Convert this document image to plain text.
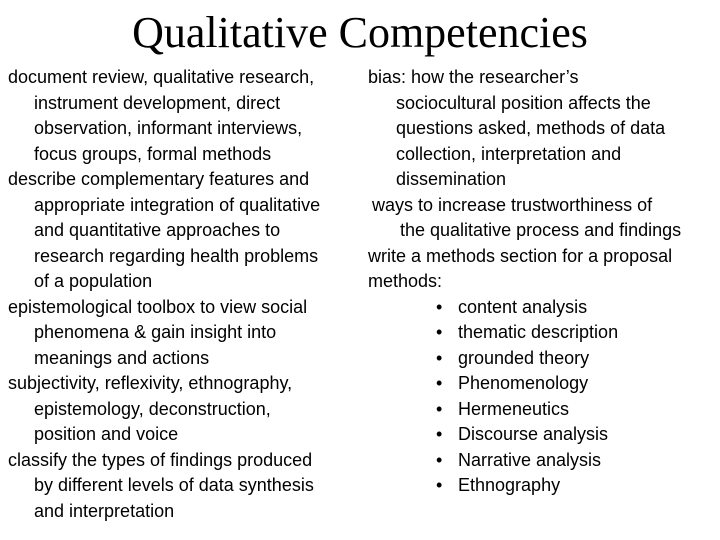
Qualitative Competencies
document review, qualitative research,
instrument development, direct
observation, informant interviews,
focus groups, formal methods
describe complementary features and
appropriate integration of qualitative
and quantitative approaches to
research regarding health problems
of a population
epistemological toolbox to view social
phenomena & gain insight into
meanings and actions
subjectivity, reflexivity, ethnography,
epistemology, deconstruction,
position and voice
classify the types of findings produced
by different levels of data synthesis
and interpretation
bias: how the researcher’s
sociocultural position affects the
questions asked, methods of data
collection, interpretation and
dissemination
ways to increase trustworthiness of
the qualitative process and findings
write a methods section for a proposal
methods:
• content analysis
• thematic description
• grounded theory
• Phenomenology
• Hermeneutics
• Discourse analysis
• Narrative analysis
• Ethnography
